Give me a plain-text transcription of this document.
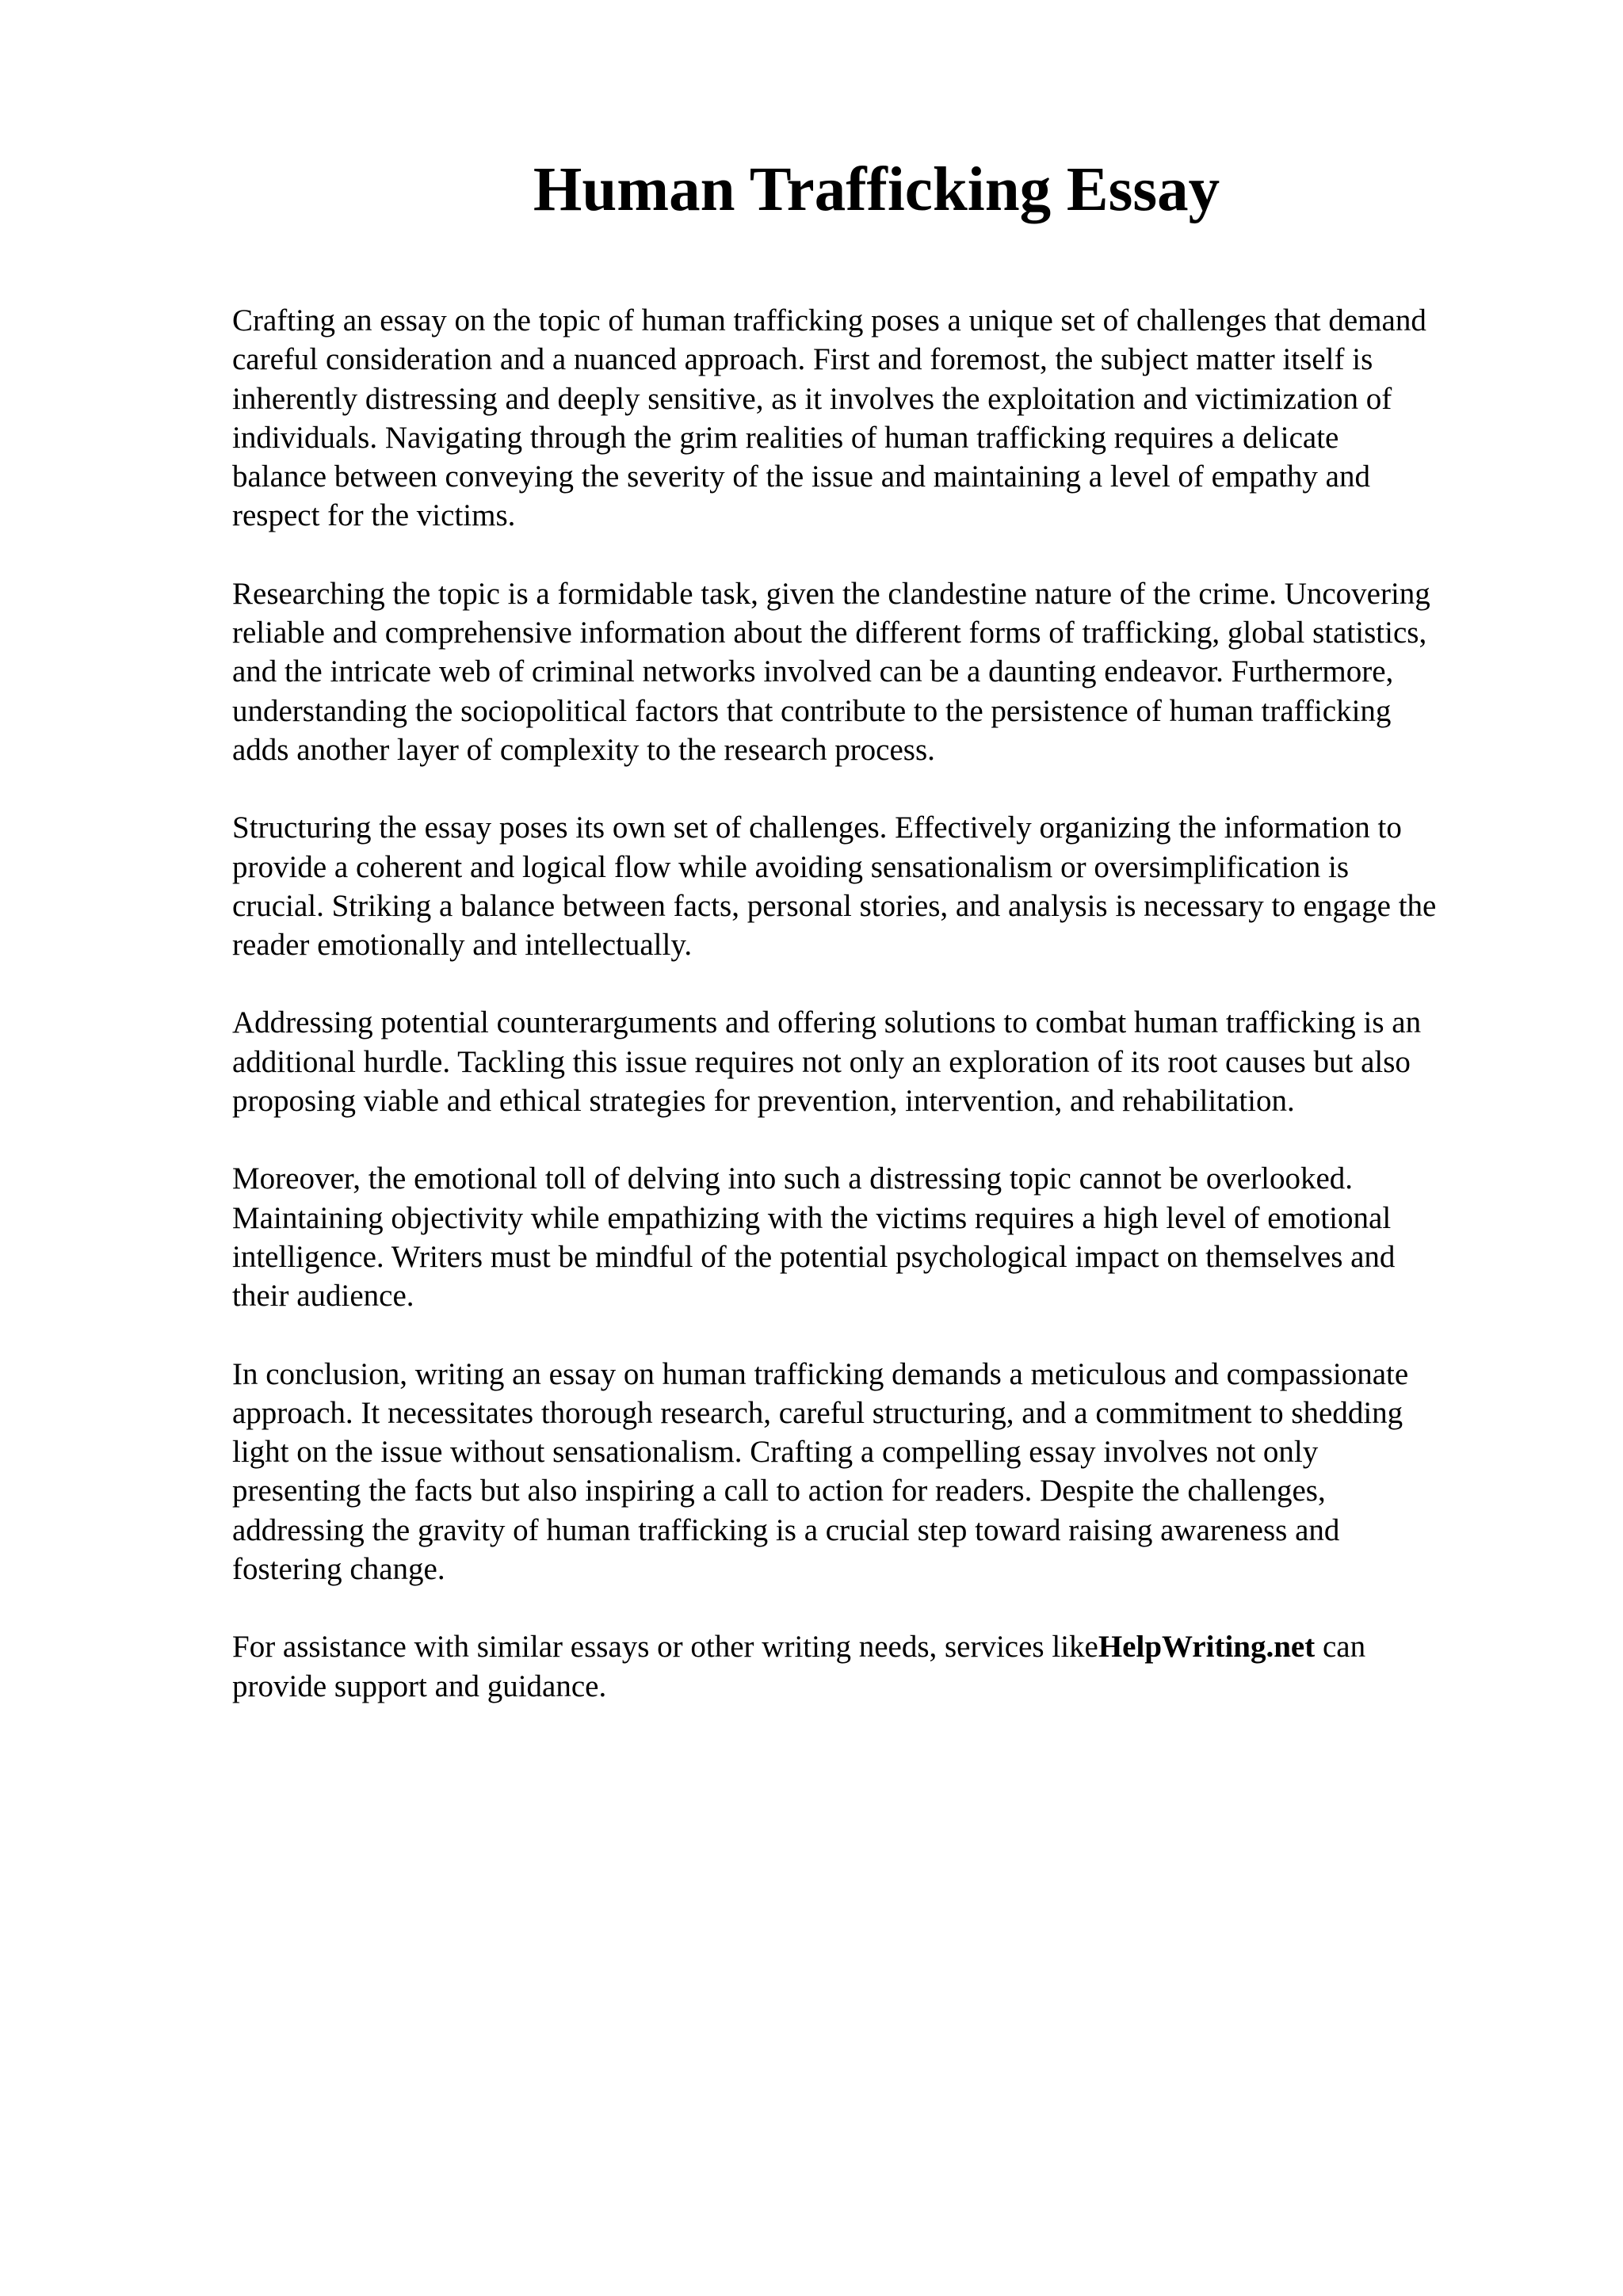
Human Trafficking Essay

Crafting an essay on the topic of human trafficking poses a unique set of challenges that demand
careful consideration and a nuanced approach. First and foremost, the subject matter itself is
inherently distressing and deeply sensitive, as it involves the exploitation and victimization of
individuals. Navigating through the grim realities of human trafficking requires a delicate
balance between conveying the severity of the issue and maintaining a level of empathy and
respect for the victims.

Researching the topic is a formidable task, given the clandestine nature of the crime. Uncovering
reliable and comprehensive information about the different forms of trafficking, global statistics,
and the intricate web of criminal networks involved can be a daunting endeavor. Furthermore,
understanding the sociopolitical factors that contribute to the persistence of human trafficking
adds another layer of complexity to the research process.

Structuring the essay poses its own set of challenges. Effectively organizing the information to
provide a coherent and logical flow while avoiding sensationalism or oversimplification is
crucial. Striking a balance between facts, personal stories, and analysis is necessary to engage the
reader emotionally and intellectually.

Addressing potential counterarguments and offering solutions to combat human trafficking is an
additional hurdle. Tackling this issue requires not only an exploration of its root causes but also
proposing viable and ethical strategies for prevention, intervention, and rehabilitation.

Moreover, the emotional toll of delving into such a distressing topic cannot be overlooked.
Maintaining objectivity while empathizing with the victims requires a high level of emotional
intelligence. Writers must be mindful of the potential psychological impact on themselves and
their audience.

In conclusion, writing an essay on human trafficking demands a meticulous and compassionate
approach. It necessitates thorough research, careful structuring, and a commitment to shedding
light on the issue without sensationalism. Crafting a compelling essay involves not only
presenting the facts but also inspiring a call to action for readers. Despite the challenges,
addressing the gravity of human trafficking is a crucial step toward raising awareness and
fostering change.

For assistance with similar essays or other writing needs, services likeHelpWriting.net can
provide support and guidance.
